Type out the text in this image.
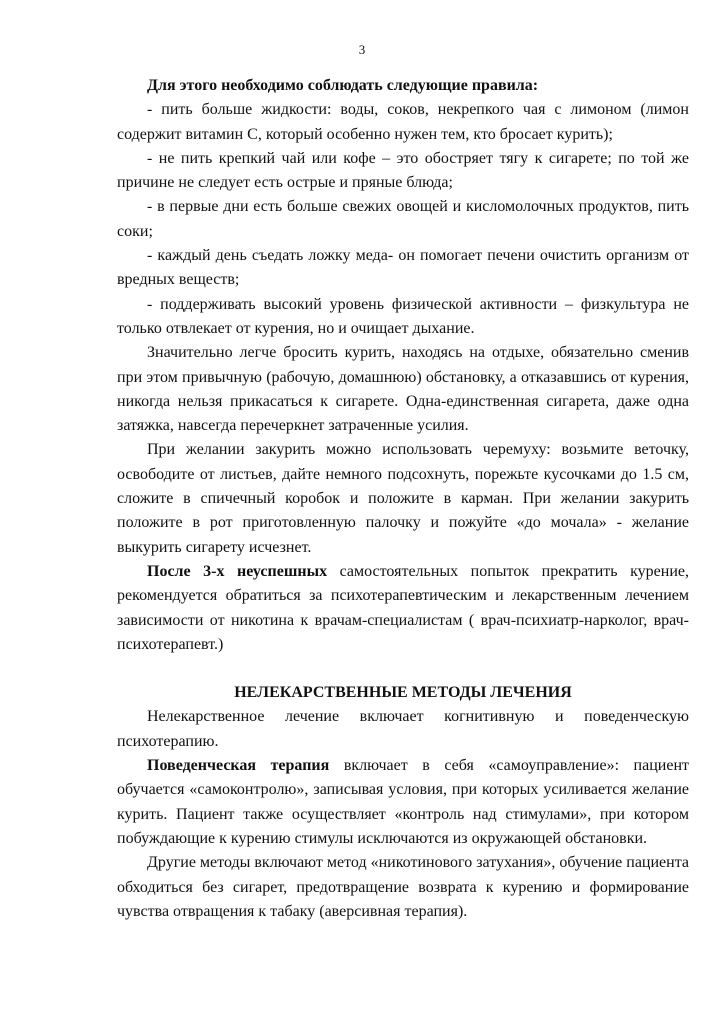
3

Для этого необходимо соблюдать следующие правила:

- пить больше жидкости: воды, соков, некрепкого чая с лимоном (лимон содержит витамин С, который особенно нужен тем, кто бросает курить);

- не пить крепкий чай или кофе – это обостряет тягу к сигарете; по той же причине не следует есть острые и пряные блюда;

- в первые дни есть больше свежих овощей и кисломолочных продуктов, пить соки;

- каждый день съедать ложку меда- он помогает печени очистить организм от вредных веществ;

- поддерживать высокий уровень физической активности – физкультура не только отвлекает от курения, но и очищает дыхание.

Значительно легче бросить курить, находясь на отдыхе, обязательно сменив при этом привычную (рабочую, домашнюю) обстановку, а отказавшись от курения, никогда нельзя прикасаться к сигарете. Одна-единственная сигарета, даже одна затяжка, навсегда перечеркнет затраченные усилия.

При желании закурить можно использовать черемуху: возьмите веточку, освободите от листьев, дайте немного подсохнуть, порежьте кусочками до 1.5 см, сложите в спичечный коробок и положите в карман. При желании закурить положите в рот приготовленную палочку и пожуйте «до мочала» - желание выкурить сигарету исчезнет.

После 3-х неуспешных самостоятельных попыток прекратить курение, рекомендуется обратиться за психотерапевтическим и лекарственным лечением зависимости от никотина к врачам-специалистам ( врач-психиатр-нарколог, врач-психотерапевт.)

НЕЛЕКАРСТВЕННЫЕ МЕТОДЫ ЛЕЧЕНИЯ

Нелекарственное лечение включает когнитивную и поведенческую психотерапию.

Поведенческая терапия включает в себя «самоуправление»: пациент обучается «самоконтролю», записывая условия, при которых усиливается желание курить. Пациент также осуществляет «контроль над стимулами», при котором побуждающие к курению стимулы исключаются из окружающей обстановки.

Другие методы включают метод «никотинового затухания», обучение пациента обходиться без сигарет, предотвращение возврата к курению и формирование чувства отвращения к табаку (аверсивная терапия).
